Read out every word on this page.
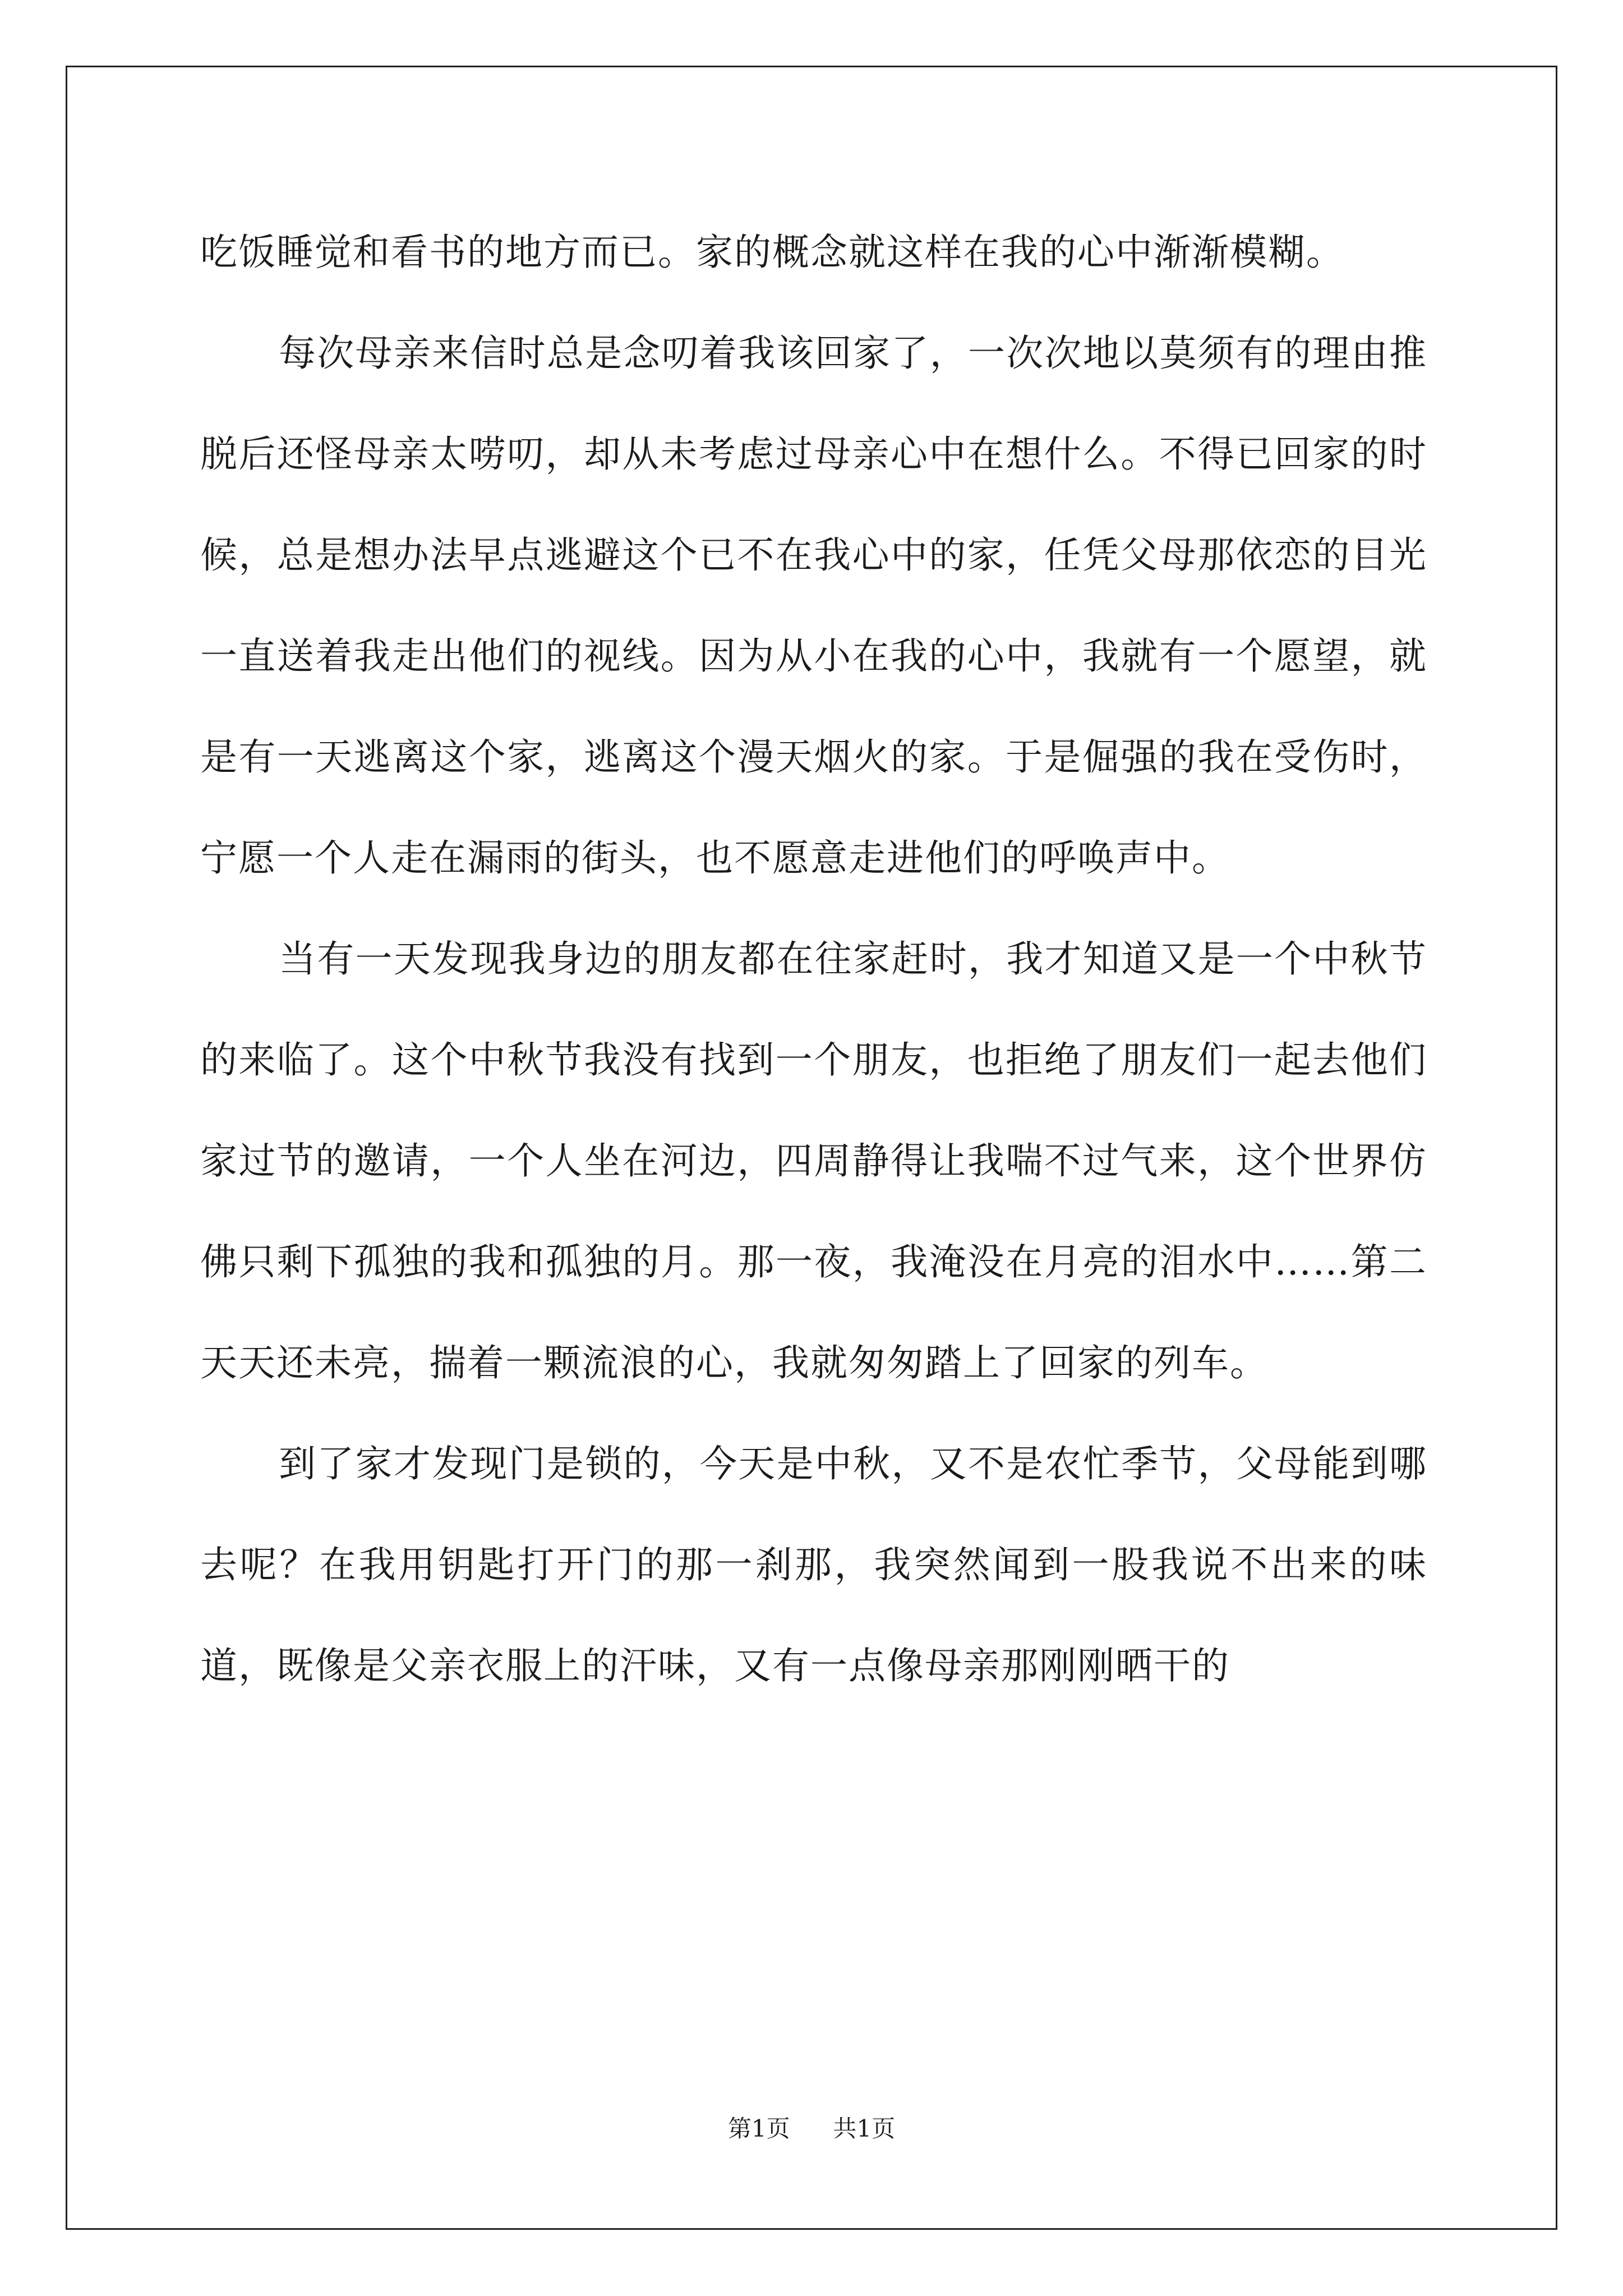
吃饭睡觉和看书的地方而已。家的概念就这样在我的心中渐渐模糊。

每次母亲来信时总是念叨着我该回家了，一次次地以莫须有的理由推脱后还怪母亲太唠叨，却从未考虑过母亲心中在想什么。不得已回家的时候，总是想办法早点逃避这个已不在我心中的家，任凭父母那依恋的目光一直送着我走出他们的视线。因为从小在我的心中，我就有一个愿望，就是有一天逃离这个家，逃离这个漫天烟火的家。于是倔强的我在受伤时，宁愿一个人走在漏雨的街头，也不愿意走进他们的呼唤声中。

当有一天发现我身边的朋友都在往家赶时，我才知道又是一个中秋节的来临了。这个中秋节我没有找到一个朋友，也拒绝了朋友们一起去他们家过节的邀请，一个人坐在河边，四周静得让我喘不过气来，这个世界仿佛只剩下孤独的我和孤独的月。那一夜，我淹没在月亮的泪水中……第二天天还未亮，揣着一颗流浪的心，我就匆匆踏上了回家的列车。

到了家才发现门是锁的，今天是中秋，又不是农忙季节，父母能到哪去呢？在我用钥匙打开门的那一刹那，我突然闻到一股我说不出来的味道，既像是父亲衣服上的汗味，又有一点像母亲那刚刚晒干的

第1页 共1页
